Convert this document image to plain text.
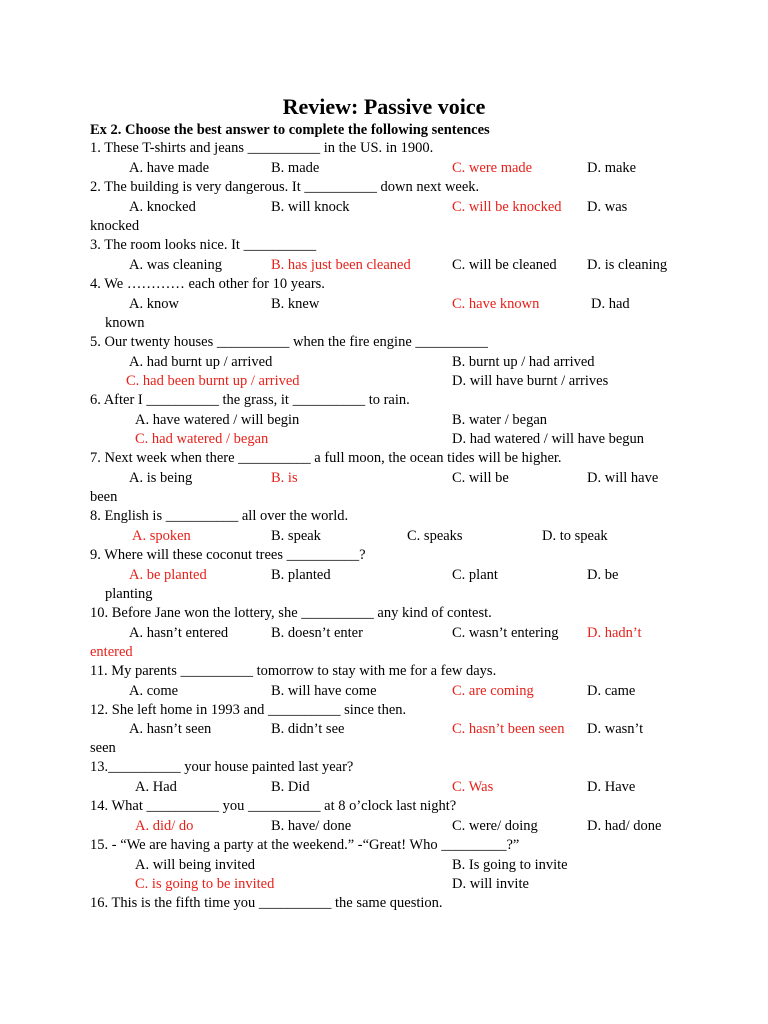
Review: Passive voice
Ex 2. Choose the best answer to complete the following sentences
1. These T-shirts and jeans __________ in the US. in 1900.
A. have made	B. made	C. were made	D. make
2. The building is very dangerous. It __________ down next week.
A. knocked	B. will knock	C. will be knocked D. was
knocked
3. The room looks nice. It __________
A. was cleaning	B. has just been cleaned	C. will be cleaned D. is cleaning
4. We ………… each other for 10 years.
A. know	B. knew	C. have known	D. had
known
5. Our twenty houses __________ when the fire engine __________
A. had burnt up / arrived	B. burnt up / had arrived
C. had been burnt up / arrived	D. will have burnt / arrives
6. After I __________ the grass, it __________ to rain.
A. have watered / will begin	B. water / began
C. had watered / began	D. had watered / will have begun
7. Next week when there __________ a full moon, the ocean tides will be higher.
A. is being	B. is	C. will be	D. will have
been
8. English is __________ all over the world.
A. spoken	B. speak	C. speaks	D. to speak
9. Where will these coconut trees __________?
A. be planted	B. planted	C. plant	D. be
planting
10. Before Jane won the lottery, she __________ any kind of contest.
A. hasn’t entered	B. doesn’t enter	C. wasn’t entering D. hadn’t
entered
11. My parents __________ tomorrow to stay with me for a few days.
A. come	B. will have come	C. are coming	D. came
12. She left home in 1993 and __________ since then.
A. hasn’t seen	B. didn’t see	C. hasn’t been seen D. wasn’t
seen
13.__________ your house painted last year?
A. Had	B. Did	C. Was	D. Have
14. What __________ you __________ at 8 o’clock last night?
A. did/ do	B. have/ done	C. were/ doing	D. had/ done
15. - “We are having a party at the weekend.” -“Great! Who _________?”
A. will being invited	B. Is going to invite
C. is going to be invited	D. will invite
16. This is the fifth time you __________ the same question.
